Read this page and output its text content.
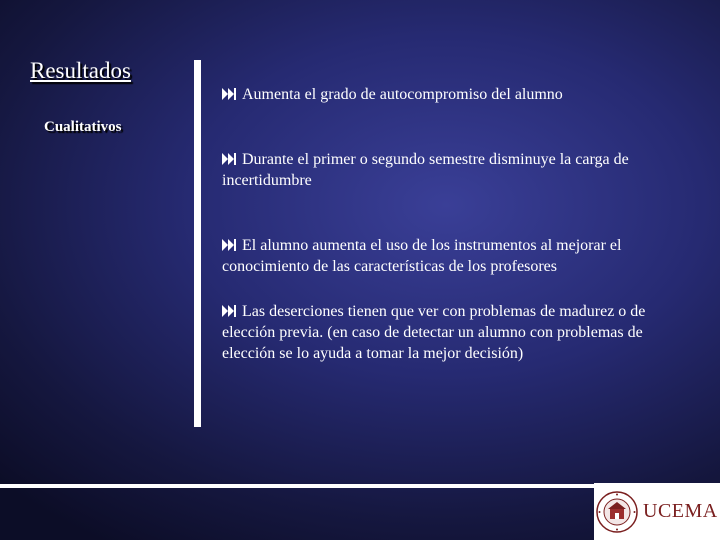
Resultados
Cualitativos
Aumenta el grado de autocompromiso del alumno
Durante el primer o segundo semestre disminuye la carga de incertidumbre
El alumno aumenta el uso de los instrumentos al mejorar el conocimiento de las características de los profesores
Las deserciones tienen que ver con problemas de madurez o de elección previa. (en caso de detectar un alumno con problemas de elección se lo ayuda a tomar la mejor decisión)
UCEMA
